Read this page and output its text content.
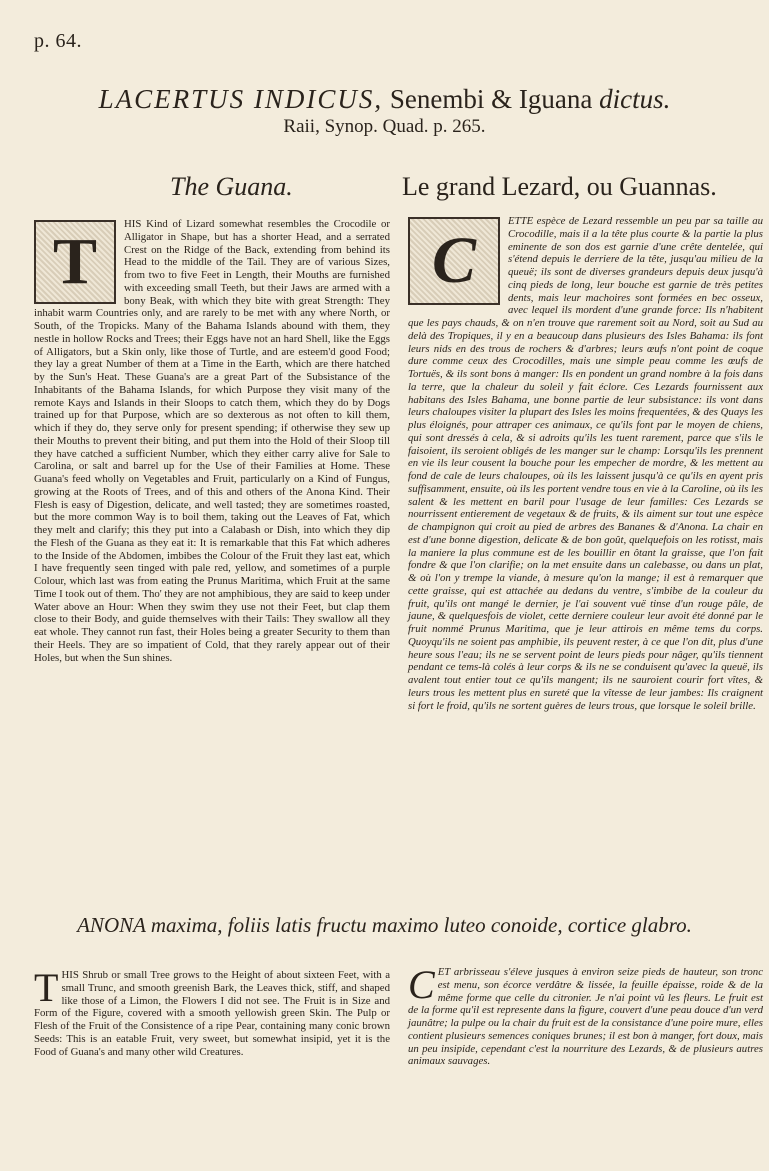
p. 64.
LACERTUS INDICUS, Senembi & Iguana dictus.
Raii, Synop. Quad. p. 265.
The Guana.	Le grand Lezard, ou Guannas.
T

HIS Kind of Lizard somewhat resembles the Crocodile or Alligator in Shape, but has a shorter Head, and a serrated Crest on the Ridge of the Back, extending from behind its Head to the middle of the Tail. They are of various Sizes, from two to five Feet in Length, their Mouths are furnished with exceeding small Teeth, but their Jaws are armed with a bony Beak, with which they bite with great Strength: They inhabit warm Countries only, and are rarely to be met with any where North, or South, of the Tropicks. Many of the Bahama Islands abound with them, they nestle in hollow Rocks and Trees; their Eggs have not an hard Shell, like the Eggs of Alligators, but a Skin only, like those of Turtle, and are esteem'd good Food; they lay a great Number of them at a Time in the Earth, which are there hatched by the Sun's Heat. These Guana's are a great Part of the Subsistance of the Inhabitants of the Bahama Islands, for which Purpose they visit many of the remote Kays and Islands in their Sloops to catch them, which they do by Dogs trained up for that Purpose, which are so dexterous as not often to kill them, which if they do, they serve only for present spending; if otherwise they sew up their Mouths to prevent their biting, and put them into the Hold of their Sloop till they have catched a sufficient Number, which they either carry alive for Sale to Carolina, or salt and barrel up for the Use of their Families at Home. These Guana's feed wholly on Vegetables and Fruit, particularly on a Kind of Fungus, growing at the Roots of Trees, and of this and others of the Anona Kind. Their Flesh is easy of Digestion, delicate, and well tasted; they are sometimes roasted, but the more common Way is to boil them, taking out the Leaves of Fat, which they melt and clarify; this they put into a Calabash or Dish, into which they dip the Flesh of the Guana as they eat it: It is remarkable that this Fat which adheres to the Inside of the Abdomen, imbibes the Colour of the Fruit they last eat, which I have frequently seen tinged with pale red, yellow, and sometimes of a purple Colour, which last was from eating the Prunus Maritima, which Fruit at the same Time I took out of them. Tho' they are not amphibious, they are said to keep under Water above an Hour: When they swim they use not their Feet, but clap them close to their Body, and guide themselves with their Tails: They swallow all they eat whole. They cannot run fast, their Holes being a greater Security to them than their Heels. They are so impatient of Cold, that they rarely appear out of their Holes, but when the Sun shines.

C

ETTE espèce de Lezard ressemble un peu par sa taille au Crocodille, mais il a la tête plus courte & la partie la plus eminente de son dos est garnie d'une crête dentelée, qui s'étend depuis le derriere de la tête, jusqu'au milieu de la queuë; ils sont de diverses grandeurs depuis deux jusqu'à cinq pieds de long, leur bouche est garnie de très petites dents, mais leur machoires sont formées en bec osseux, avec lequel ils mordent d'une grande force: Ils n'habitent que les pays chauds, & on n'en trouve que rarement soit au Nord, soit au Sud au delà des Tropiques, il y en a beaucoup dans plusieurs des Isles Bahama: ils font leurs nids en des trous de rochers & d'arbres; leurs œufs n'ont point de coque dure comme ceux des Crocodilles, mais une simple peau comme les œufs de Tortuës, & ils sont bons à manger: Ils en pondent un grand nombre à la fois dans la terre, que la chaleur du soleil y fait éclore. Ces Lezards fournissent aux habitans des Isles Bahama, une bonne partie de leur subsistance: ils vont dans leurs chaloupes visiter la plupart des Isles les moins frequentées, & des Quays les plus éloignés, pour attraper ces animaux, ce qu'ils font par le moyen de chiens, qui sont dressés à cela, & si adroits qu'ils les tuent rarement, parce que s'ils le faisoient, ils seroient obligés de les manger sur le champ: Lorsqu'ils les prennent en vie ils leur cousent la bouche pour les empecher de mordre, & les mettent au fond de cale de leurs chaloupes, où ils les laissent jusqu'à ce qu'ils en ayent pris suffisamment, ensuite, où ils les portent vendre tous en vie à la Caroline, où ils les salent & les mettent en baril pour l'usage de leur familles: Ces Lezards se nourrissent entierement de vegetaux & de fruits, & ils aiment sur tout une espèce de champignon qui croit au pied de arbres des Bananes & d'Anona. La chair en est d'une bonne digestion, delicate & de bon goût, quelquefois on les rotisst, mais la maniere la plus commune est de les bouillir en ôtant la graisse, que l'on fait fondre & que l'on clarifie; on la met ensuite dans un calebasse, ou dans un plat, & où l'on y trempe la viande, à mesure qu'on la mange; il est à remarquer que cette graisse, qui est attachée au dedans du ventre, s'imbibe de la couleur du fruit, qu'ils ont mangé le dernier, je l'ai souvent vuë tinse d'un rouge pâle, de jaune, & quelquesfois de violet, cette derniere couleur leur avoit été donné par le fruit nommé Prunus Maritima, que je leur attirois en même tems du corps. Quoyqu'ils ne soient pas amphibie, ils peuvent rester, à ce que l'on dit, plus d'une heure sous l'eau; ils ne se servent point de leurs pieds pour nâger, qu'ils tiennent pendant ce tems-là colés à leur corps & ils ne se conduisent qu'avec la queuë, ils avalent tout entier tout ce qu'ils mangent; ils ne sauroient courir fort vîtes, & leurs trous les mettent plus en sureté que la vîtesse de leur jambes: Ils craignent si fort le froid, qu'ils ne sortent guères de leurs trous, que lorsque le soleil brille.

ANONA maxima, foliis latis fructu maximo luteo conoide, cortice glabro.
T HIS Shrub or small Tree grows to the Height of about sixteen Feet, with a small Trunc, and smooth greenish Bark, the Leaves thick, stiff, and shaped like those of a Limon, the Flowers I did not see. The Fruit is in Size and Form of the Figure, covered with a smooth yellowish green Skin. The Pulp or Flesh of the Fruit of the Consistence of a ripe Pear, containing many conic brown Seeds: This is an eatable Fruit, very sweet, but somewhat insipid, yet it is the Food of Guana's and many other wild Creatures.

C ET arbrisseau s'éleve jusques à environ seize pieds de hauteur, son tronc est menu, son écorce verdâtre & lissée, la feuille épaisse, roide & de la même forme que celle du citronier. Je n'ai point vû les fleurs. Le fruit est de la forme qu'il est represente dans la figure, couvert d'une peau douce d'un verd jaunâtre; la pulpe ou la chair du fruit est de la consistance d'une poire mure, elles contient plusieurs semences coniques brunes; il est bon à manger, fort doux, mais un peu insipide, cependant c'est la nourriture des Lezards, & de plusieurs autres animaux sauvages.
